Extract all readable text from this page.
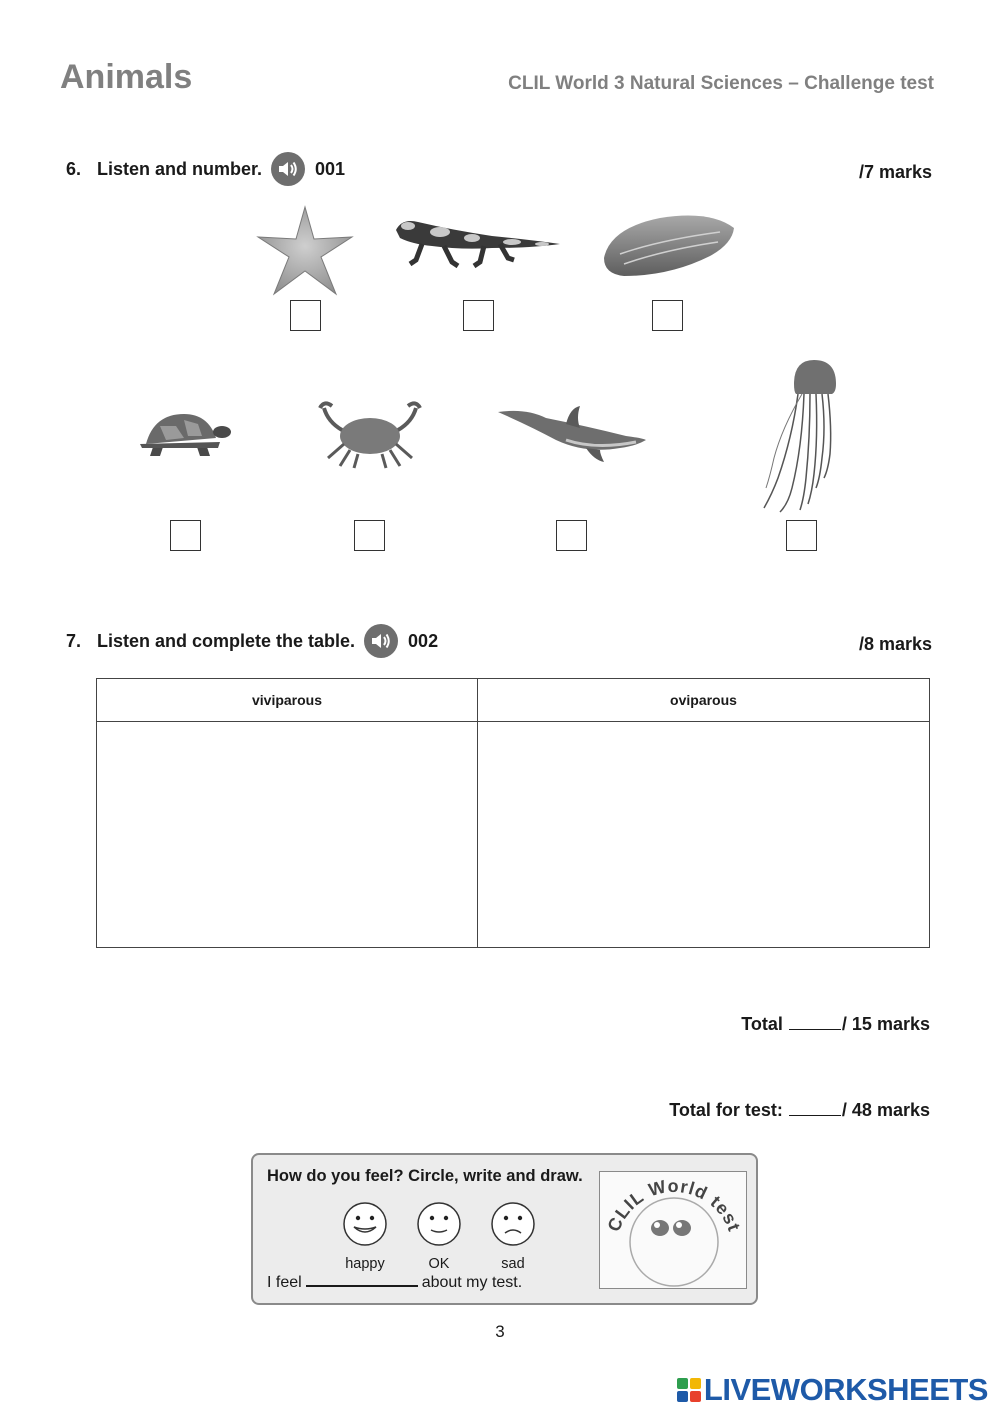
Animals	CLIL World 3 Natural Sciences – Challenge test
6. Listen and number.	001	/7 marks
7. Listen and complete the table.	002	/8 marks
viviparous	oviparous

Total	/ 15 marks
Total for test:	/ 48 marks
How do you feel? Circle, write and draw.
happy	OK	sad
I feel	about my test.
CLIL World test
3
LIVEWORKSHEETS
